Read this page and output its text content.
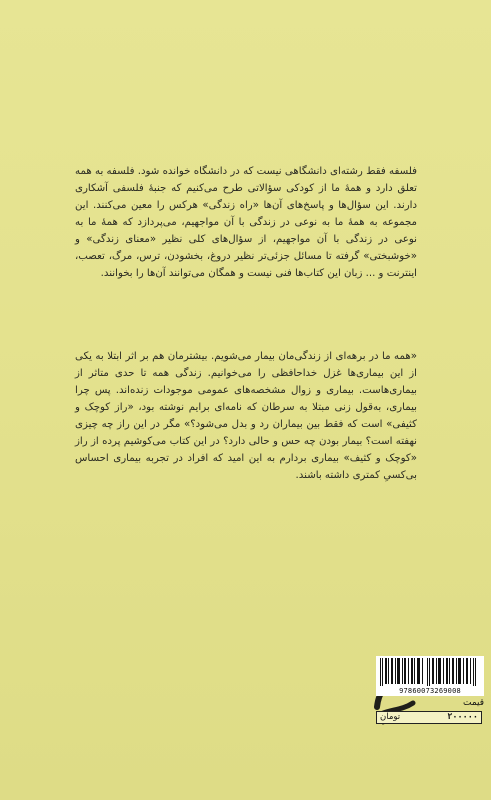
فلسفه فقط رشته‌ای دانشگاهی نیست که در دانشگاه خوانده شود. فلسفه به همه تعلق دارد و همهٔ ما از کودکی سؤالاتی طرح می‌کنیم که جنبهٔ فلسفی آشکاری دارند. این سؤال‌ها و پاسخ‌های آن‌ها «راه زندگی» هرکس را معین می‌کنند. این مجموعه به همهٔ ما به نوعی در زندگی با آن مواجهیم، می‌پردازد که همهٔ ما به نوعی در زندگی با آن مواجهیم، از سؤال‌های کلی نظیر «معنای زندگی» و «خوشبختی» گرفته تا مسائل جزئی‌تر نظیر دروغ، بخشودن، ترس، مرگ، تعصب، اینترنت و ... زبان این کتاب‌ها فنی نیست و همگان می‌توانند آن‌ها را بخوانند.

«همه ما در برهه‌ای از زندگی‌مان بیمار می‌شویم. بیشترمان هم بر اثر ابتلا به یکی از این بیماری‌ها غزل خداحافظی را می‌خوانیم. زندگی همه تا حدی متاثر از بیماری‌هاست. بیماری و زوال مشخصه‌های عمومی موجودات زنده‌اند. پس چرا بیماری، به‌قول زنی مبتلا به سرطان که نامه‌ای برایم نوشته بود، «راز کوچک و کثیفی» است که فقط بین بیماران رد و بدل می‌شود؟» مگر در این راز چه چیزی نهفته است؟ بیمار بودن چه حس و حالی دارد؟ در این کتاب می‌کوشیم پرده از راز «کوچک و کثیف» بیماری بردارم به این امید که افراد در تجربه بیماری احساس بی‌کسیِ کمتری داشته باشند.

9786007326900​8
قیمت
۲۰۰۰۰۰
تومان
